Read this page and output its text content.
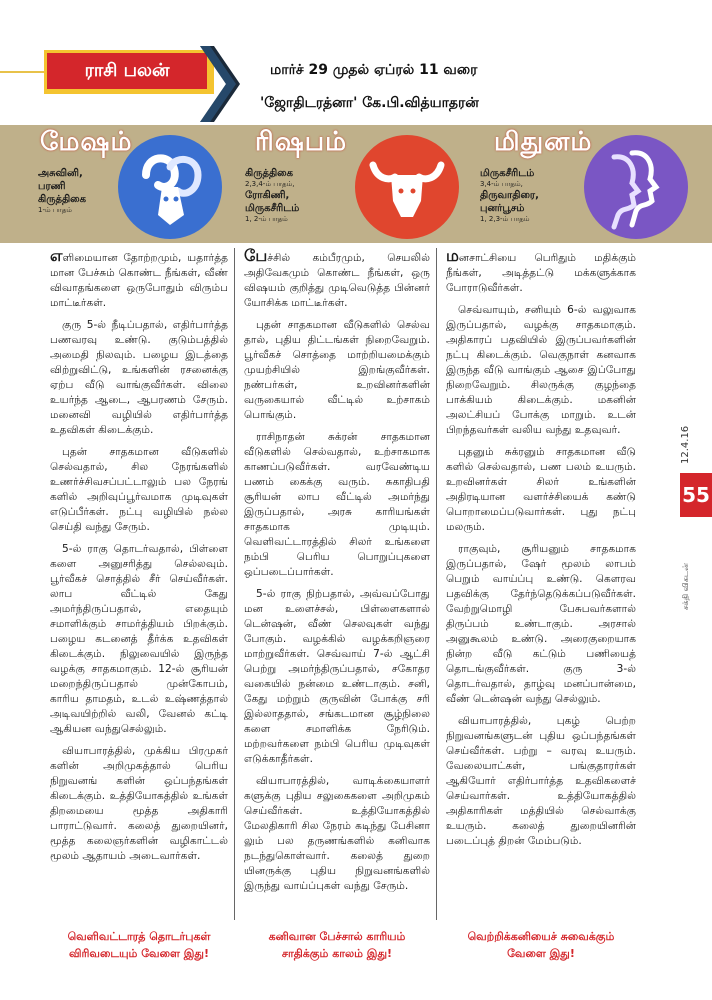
ராசி பலன்	மார்ச் 29 முதல் ஏப்ரல் 11 வரை
'ஜோதிடரத்னா' கே.பி.வித்யாதரன்
மேஷம்
அசுவினி,
பரணி
கிருத்திகை
1-ம் பாதம்
ரிஷபம்
கிருத்திகை
2,3,4-ம் பாதம்,
ரோகிணி,
மிருகசீரிடம்
1, 2-ம் பாதம்
மிதுனம்
மிருகசீரிடம்
3,4-ம் பாதம்,
திருவாதிரை,
புனர்பூசம்
1, 2,3-ம் பாதம்

எளிமையான தோற்றமும், யதார்த்த மான பேச்சும் கொண்ட நீங்கள், வீண் விவாதங்களை ஒருபோதும் விரும்ப மாட்டீர்கள்.

குரு 5-ல் நீடிப்பதால், எதிர்பார்த்த பணவரவு உண்டு. குடும்பத்தில் அமைதி நிலவும். பழைய இடத்தை விற்றுவிட்டு, உங்களின் ரசனைக்கு ஏற்ப வீடு வாங்குவீர்கள். விலை உயர்ந்த ஆடை, ஆபரணம் சேரும். மனைவி வழியில் எதிர்பார்த்த உதவிகள் கிடைக்கும்.

புதன் சாதகமான வீடுகளில் செல்வதால், சில நேரங்களில் உணர்ச்சிவசப்பட்டாலும் பல நேரங் களில் அறிவுப்பூர்வமாக முடிவுகள் எடுப்பீர்கள். நட்பு வழியில் நல்ல செய்தி வந்து சேரும்.

5-ல் ராகு தொடர்வதால், பிள்ளை களை அனுசரித்து செல்லவும். பூர்வீகச் சொத்தில் சீர் செய்வீர்கள். லாப வீட்டில் கேது அமர்ந்திருப்பதால், எதையும் சமாளிக்கும் சாமர்த்தியம் பிறக்கும். பழைய கடனைத் தீர்க்க உதவிகள் கிடைக்கும். நிலுவையில் இருந்த வழக்கு சாதகமாகும். 12-ல் சூரியன் மறைந்திருப்பதால் முன்கோபம், காரிய தாமதம், உடல் உஷ்ணத்தால் அடிவயிற்றில் வலி, வேனல் கட்டி ஆகியன வந்துசெல்லும்.

வியாபாரத்தில், முக்கிய பிரமுகர் களின் அறிமுகத்தால் பெரிய நிறுவனங் களின் ஒப்பந்தங்கள் கிடைக்கும். உத்தியோகத்தில் உங்கள் திறமையை மூத்த அதிகாரி பாராட்டுவார். கலைத் துறையினர், மூத்த கலைஞர்களின் வழிகாட்டல் மூலம் ஆதாயம் அடைவார்கள்.

பேச்சில் கம்பீரமும், செயலில் அதிவேகமும் கொண்ட நீங்கள், ஒரு விஷயம் குறித்து முடிவெடுத்த பின்னர் யோசிக்க மாட்டீர்கள்.

புதன் சாதகமான வீடுகளில் செல்வ தால், புதிய திட்டங்கள் நிறைவேறும். பூர்வீகச் சொத்தை மாற்றியமைக்கும் முயற்சியில் இறங்குவீர்கள். நண்பர்கள், உறவினர்களின் வருகையால் வீட்டில் உற்சாகம் பொங்கும்.

ராசிநாதன் சுக்ரன் சாதகமான வீடுகளில் செல்வதால், உற்சாகமாக காணப்படுவீர்கள். வரவேண்டிய பணம் கைக்கு வரும். சுகாதிபதி சூரியன் லாப வீட்டில் அமர்ந்து இருப்பதால், அரசு காரியங்கள் சாதகமாக முடியும். வெளிவட்டாரத்தில் சிலர் உங்களை நம்பி பெரிய பொறுப்புகளை ஒப்படைப்பார்கள்.

5-ல் ராகு நிற்பதால், அவ்வப்போது மன உளைச்சல், பிள்ளைகளால் டென்ஷன், வீண் செலவுகள் வந்து போகும். வழக்கில் வழக்கறிஞரை மாற்றுவீர்கள். செவ்வாய் 7-ல் ஆட்சி பெற்று அமர்ந்திருப்பதால், சகோதர வகையில் நன்மை உண்டாகும். சனி, கேது மற்றும் குருவின் போக்கு சரி இல்லாததால், சங்கடமான சூழ்நிலை களை சமாளிக்க நேரிடும். மற்றவர்களை நம்பி பெரிய முடிவுகள் எடுக்காதீர்கள்.

வியாபாரத்தில், வாடிக்கையாளர் களுக்கு புதிய சலுகைகளை அறிமுகம் செய்வீர்கள். உத்தியோகத்தில் மேலதிகாரி சில நேரம் கடிந்து பேசினா லும் பல தருணங்களில் கனிவாக நடந்துகொள்வார். கலைத் துறை யினருக்கு புதிய நிறுவனங்களில் இருந்து வாய்ப்புகள் வந்து சேரும்.

மனசாட்சியை பெரிதும் மதிக்கும் நீங்கள், அடித்தட்டு மக்களுக்காக போராடுவீர்கள்.

செவ்வாயும், சனியும் 6-ல் வலுவாக இருப்பதால், வழக்கு சாதகமாகும். அதிகாரப் பதவியில் இருப்பவர்களின் நட்பு கிடைக்கும். வெகுநாள் கனவாக இருந்த வீடு வாங்கும் ஆசை இப்போது நிறைவேறும். சிலருக்கு குழந்தை பாக்கியம் கிடைக்கும். மகனின் அலட்சியப் போக்கு மாறும். உடன் பிறந்தவர்கள் வலிய வந்து உதவுவர்.

புதனும் சுக்ரனும் சாதகமான வீடு களில் செல்வதால், பண பலம் உயரும். உறவினர்கள் சிலர் உங்களின் அதிரடியான வளர்ச்சியைக் கண்டு பொறாமைப்படுவார்கள். புது நட்பு மலரும்.

ராகுவும், சூரியனும் சாதகமாக இருப்பதால், ஷேர் மூலம் லாபம் பெறும் வாய்ப்பு உண்டு. கௌரவ பதவிக்கு தேர்ந்தெடுக்கப்படுவீர்கள். வேற்றுமொழி பேசுபவர்களால் திருப்பம் உண்டாகும். அரசால் அனுகூலம் உண்டு. அரைகுறையாக நின்ற வீடு கட்டும் பணியைத் தொடங்குவீர்கள். குரு 3-ல் தொடர்வதால், தாழ்வு மனப்பான்மை, வீண் டென்ஷன் வந்து செல்லும்.

வியாபாரத்தில், புகழ் பெற்ற நிறுவனங்களுடன் புதிய ஒப்பந்தங்கள் செய்வீர்கள். பற்று – வரவு உயரும். வேலையாட்கள், பங்குதாரர்கள் ஆகியோர் எதிர்பார்த்த உதவிகளைச் செய்வார்கள். உத்தியோகத்தில் அதிகாரிகள் மத்தியில் செல்வாக்கு உயரும். கலைத் துறையினரின் படைப்புத் திறன் மேம்படும்.

வெளிவட்டாரத் தொடர்புகள்
விரிவடையும் வேளை இது!
கனிவான பேச்சால் காரியம்
சாதிக்கும் காலம் இது!
வெற்றிக்கனியைச் சுவைக்கும்
வேளை இது!
12.4.16
55
சக்தி விகடன்
